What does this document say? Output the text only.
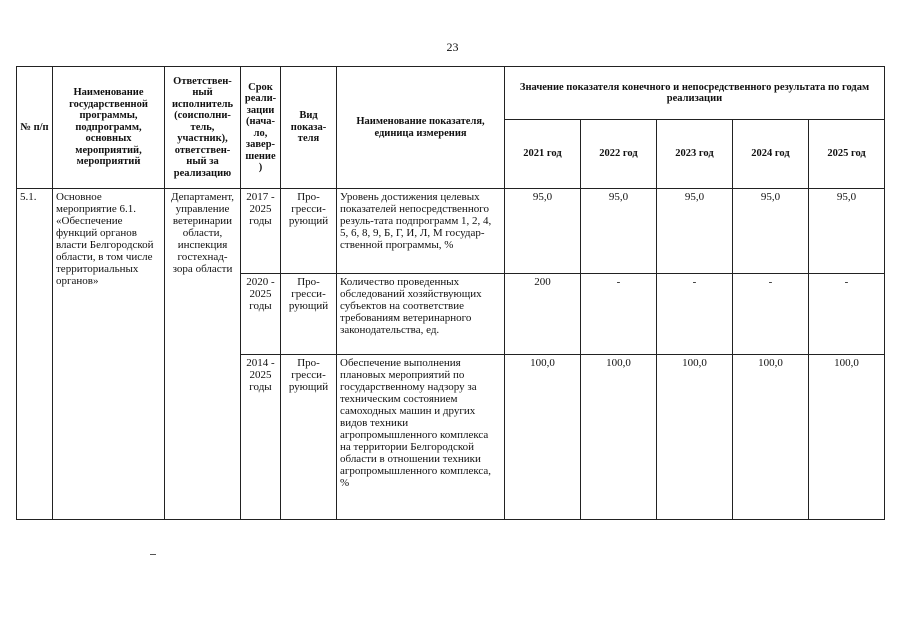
23
№ п/п	Наименование государственной программы, подпрограмм, основных мероприятий, мероприятий	Ответствен-ный исполнитель (соисполни-тель, участник), ответствен-ный за реализацию	Срок реали-зации (нача-ло, завер-шение)	Вид показа-теля	Наименование показателя, единица измерения	Значение показателя конечного и непосредственного результата по годам реализации				
						2021 год	2022 год	2023 год	2024 год	2025 год
5.1.	Основное мероприятие 6.1. «Обеспечение функций органов власти Белгородской области, в том числе территориальных органов»	Департамент, управление ветеринарии области, инспекция гостехнад-зора области	2017 - 2025 годы	Про-гресси-рующий	Уровень достижения целевых показателей непосредственного резуль-тата подпрограмм 1, 2, 4, 5, 6, 8, 9, Б, Г, И, Л, М государ-ственной программы, %	95,0	95,0	95,0	95,0	95,0
			2020 - 2025 годы	Про-гресси-рующий	Количество проведенных обследований хозяйствующих субъектов на соответствие требованиям ветеринарного законодательства, ед.	200	-	-	-	-
			2014 - 2025 годы	Про-гресси-рующий	Обеспечение выполнения плановых мероприятий по государственному надзору за техническим состоянием самоходных машин и других видов техники агропромышленного комплекса на территории Белгородской области в отношении техники агропромышленного комплекса, %	100,0	100,0	100,0	100,0	100,0
